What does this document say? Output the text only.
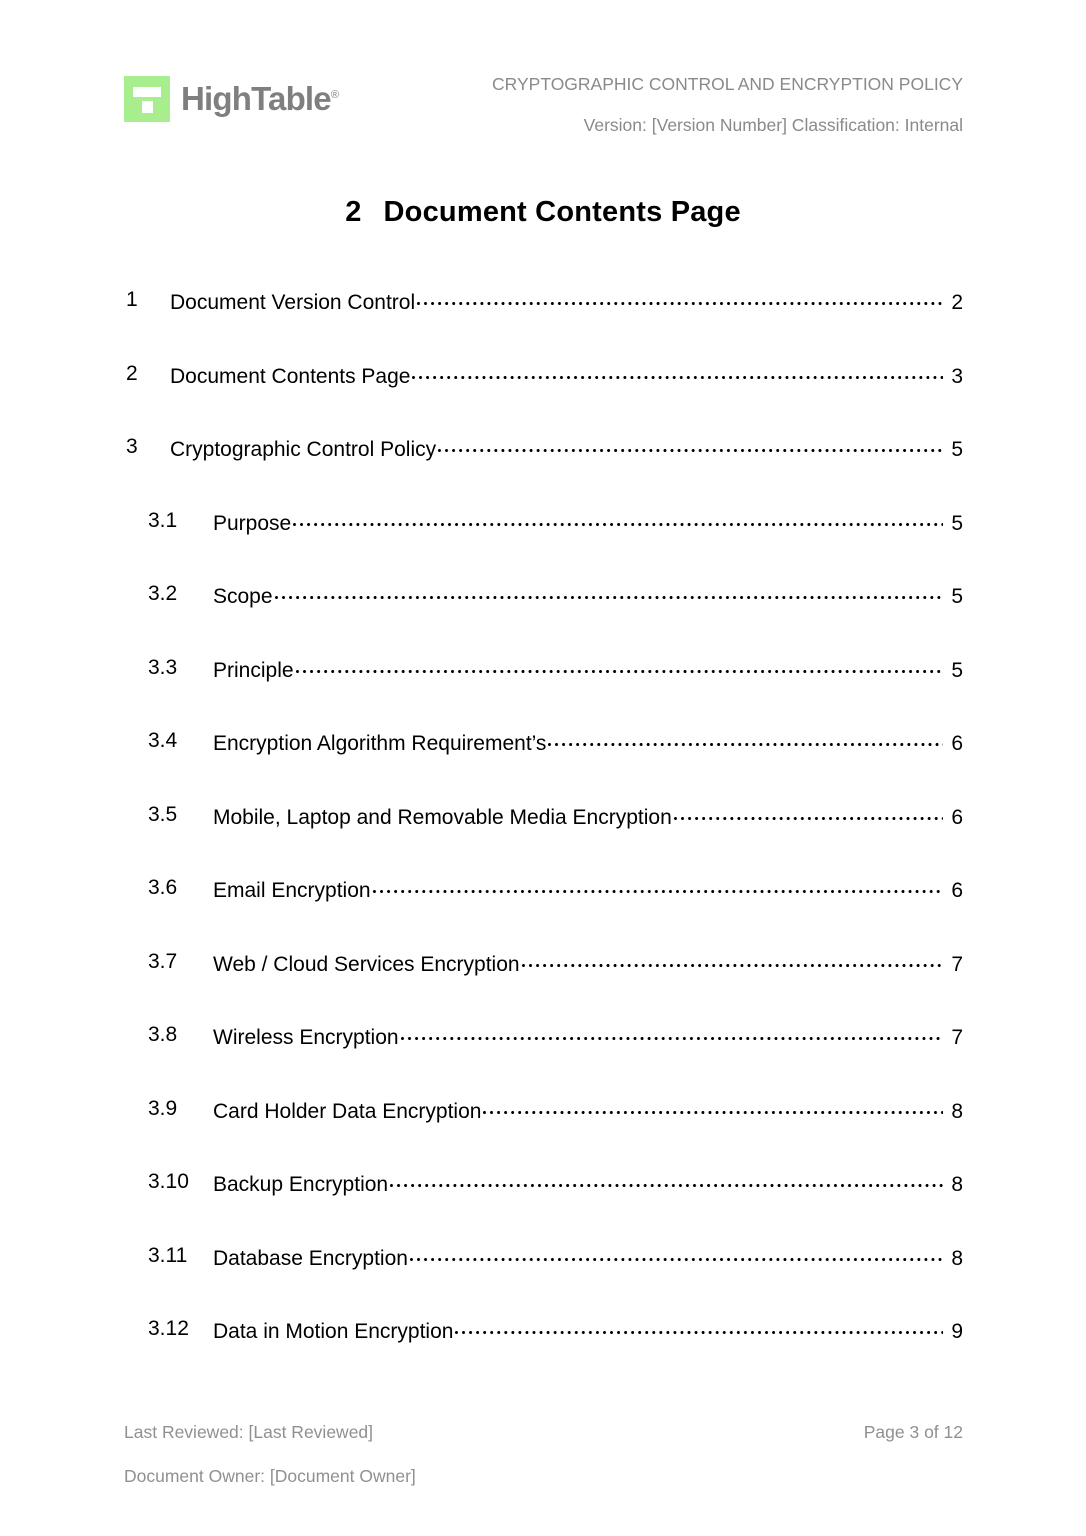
HighTable®
CRYPTOGRAPHIC CONTROL AND ENCRYPTION POLICY
Version: [Version Number] Classification: Internal
2 Document Contents Page
1 Document Version Control	2
2 Document Contents Page	3
3 Cryptographic Control Policy	5
3.1 Purpose	5
3.2 Scope	5
3.3 Principle	5
3.4 Encryption Algorithm Requirement’s	6
3.5 Mobile, Laptop and Removable Media Encryption	6
3.6 Email Encryption	6
3.7 Web / Cloud Services Encryption	7
3.8 Wireless Encryption	7
3.9 Card Holder Data Encryption	8
3.10 Backup Encryption	8
3.11 Database Encryption	8
3.12 Data in Motion Encryption	9
Last Reviewed: [Last Reviewed]	Page 3 of 12
Document Owner: [Document Owner]
